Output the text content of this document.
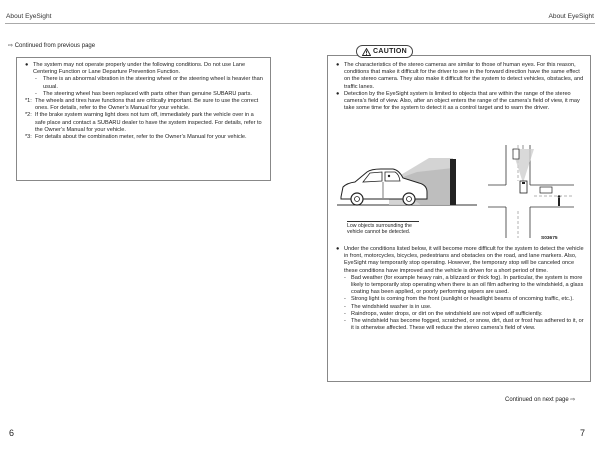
About EyeSight	About EyeSight
⇨ Continued from previous page

● The system may not operate properly under the following conditions. Do not use Lane Centering Function or Lane Departure Prevention Function.

- There is an abnormal vibration in the steering wheel or the steering wheel is heavier than usual.

- The steering wheel has been replaced with parts other than genuine SUBARU parts.

*1: The wheels and tires have functions that are critically important. Be sure to use the correct ones. For details, refer to the Owner’s Manual for your vehicle.

*2: If the brake system warning light does not turn off, immediately park the vehicle over in a safe place and contact a SUBARU dealer to have the system inspected. For details, refer to the Owner’s Manual for your vehicle.

*3: For details about the combination meter, refer to the Owner’s Manual for your vehicle.

CAUTION

● The characteristics of the stereo cameras are similar to those of human eyes. For this reason, conditions that make it difficult for the driver to see in the forward direction have the same effect on the stereo camera. They also make it difficult for the system to detect vehicles, obstacles, and traffic lanes.

● Detection by the EyeSight system is limited to objects that are within the range of the stereo camera’s field of view. Also, after an object enters the range of the camera’s field of view, it may take some time for the system to detect it as a control target and to warn the driver.

Low objects surrounding the vehicle cannot be detected.
S03675

● Under the conditions listed below, it will become more difficult for the system to detect the vehicle in front, motorcycles, bicycles, pedestrians and obstacles on the road, and lane markers. Also, EyeSight may temporarily stop operating. However, the temporary stop will be canceled once these conditions have improved and the vehicle is driven for a short period of time.

- Bad weather (for example heavy rain, a blizzard or thick fog). In particular, the system is more likely to temporarily stop operating when there is an oil film adhering to the windshield, a glass coating has been applied, or poorly performing wipers are used.

- Strong light is coming from the front (sunlight or headlight beams of oncoming traffic, etc.).

- The windshield washer is in use.

- Raindrops, water drops, or dirt on the windshield are not wiped off sufficiently.

- The windshield has become fogged, scratched, or snow, dirt, dust or frost has adhered to it, or it is otherwise affected. These will reduce the stereo camera’s field of view.

Continued on next page ⇨
6	7
